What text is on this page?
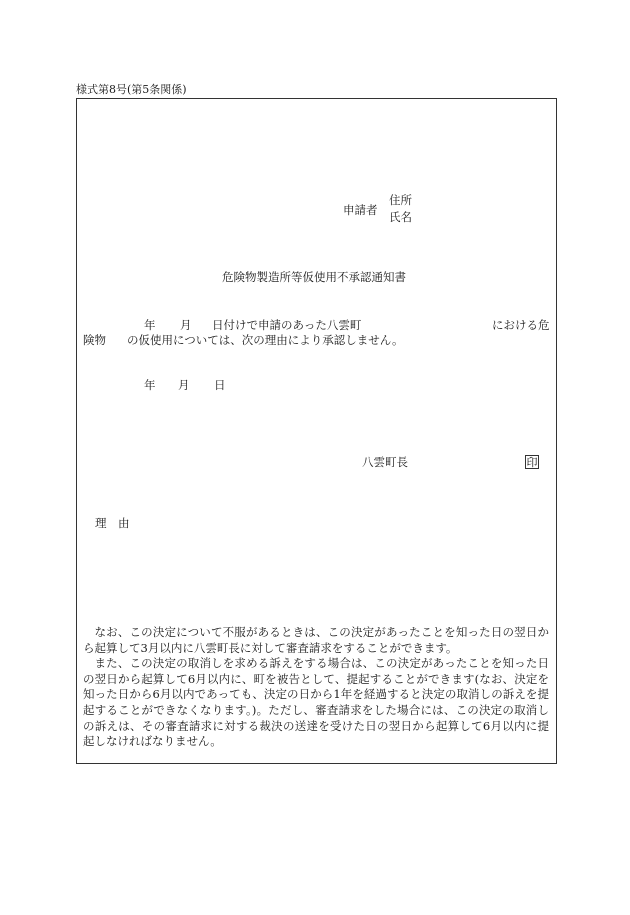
様式第8号(第5条関係)
申請者
住所
氏名
危険物製造所等仮使用不承認通知書
年 月 日付けで申請のあった八雲町	における危
険物 の仮使用については、次の理由により承認しません。
年 月 日
八雲町長	印
理　由

なお、この決定について不服があるときは、この決定があったことを知った日の翌日から起算して3月以内に八雲町長に対して審査請求をすることができます。

また、この決定の取消しを求める訴えをする場合は、この決定があったことを知った日の翌日から起算して6月以内に、町を被告として、提起することができます(なお、決定を知った日から6月以内であっても、決定の日から1年を経過すると決定の取消しの訴えを提起することができなくなります。)。ただし、審査請求をした場合には、この決定の取消しの訴えは、その審査請求に対する裁決の送達を受けた日の翌日から起算して6月以内に提起しなければなりません。
